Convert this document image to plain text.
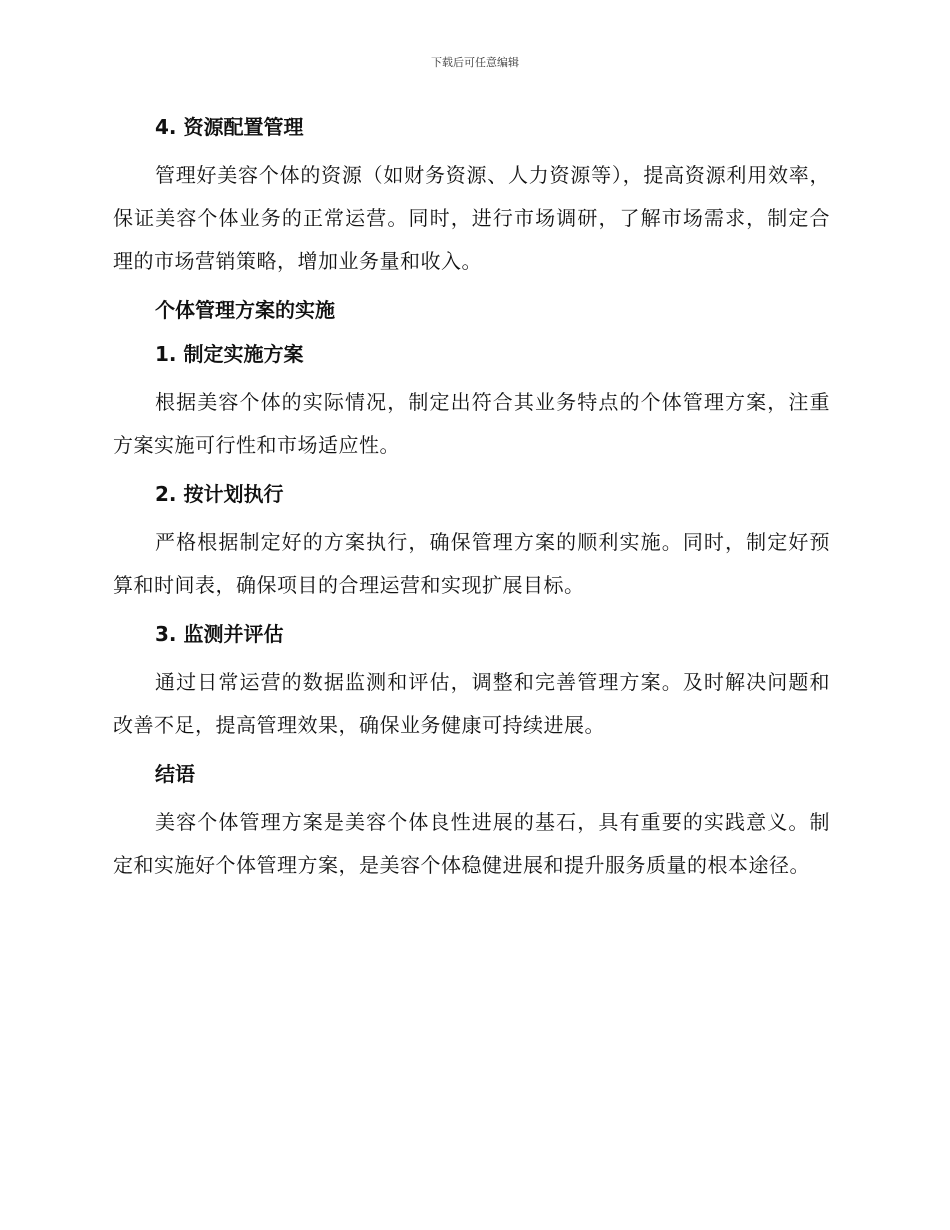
下载后可任意编辑
4. 资源配置管理

管理好美容个体的资源（如财务资源、人力资源等），提高资源利用效率，保证美容个体业务的正常运营。同时，进行市场调研，了解市场需求，制定合理的市场营销策略，增加业务量和收入。

个体管理方案的实施
1. 制定实施方案

根据美容个体的实际情况，制定出符合其业务特点的个体管理方案，注重方案实施可行性和市场适应性。

2. 按计划执行

严格根据制定好的方案执行，确保管理方案的顺利实施。同时，制定好预算和时间表，确保项目的合理运营和实现扩展目标。

3. 监测并评估

通过日常运营的数据监测和评估，调整和完善管理方案。及时解决问题和改善不足，提高管理效果，确保业务健康可持续进展。

结语

美容个体管理方案是美容个体良性进展的基石，具有重要的实践意义。制定和实施好个体管理方案，是美容个体稳健进展和提升服务质量的根本途径。
